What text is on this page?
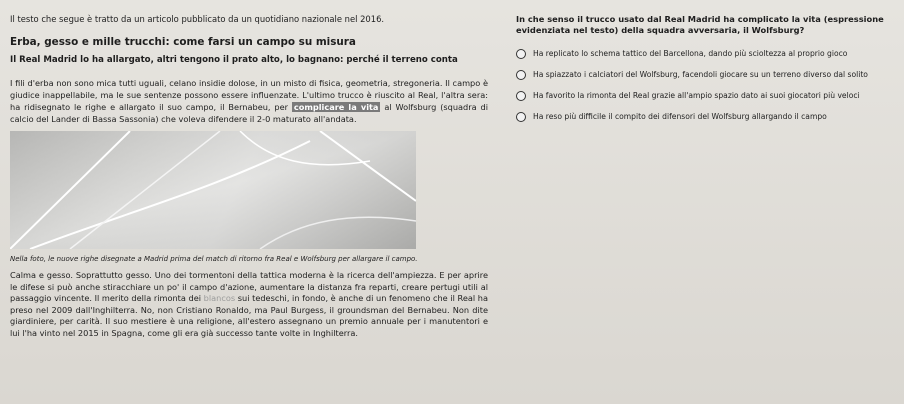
Il testo che segue è tratto da un articolo pubblicato da un quotidiano nazionale nel 2016.

Erba, gesso e mille trucchi: come farsi un campo su misura

Il Real Madrid lo ha allargato, altri tengono il prato alto, lo bagnano: perché il terreno conta

I fili d'erba non sono mica tutti uguali, celano insidie dolose, in un misto di fisica, geometria, stregoneria. Il campo è giudice inappellabile, ma le sue sentenze possono essere influenzate. L'ultimo trucco è riuscito al Real, l'altra sera: ha ridisegnato le righe e allargato il suo campo, il Bernabeu, per complicare la vita al Wolfsburg (squadra di calcio del Lander di Bassa Sassonia) che voleva difendere il 2-0 maturato all'andata.

Nella foto, le nuove righe disegnate a Madrid prima del match di ritorno fra Real e Wolfsburg per allargare il campo.

Calma e gesso. Soprattutto gesso. Uno dei tormentoni della tattica moderna è la ricerca dell'ampiezza. E per aprire le difese si può anche stiracchiare un po' il campo d'azione, aumentare la distanza fra reparti, creare pertugi utili al passaggio vincente. Il merito della rimonta dei blancos sui tedeschi, in fondo, è anche di un fenomeno che il Real ha preso nel 2009 dall'Inghilterra. No, non Cristiano Ronaldo, ma Paul Burgess, il groundsman del Bernabeu. Non dite giardiniere, per carità. Il suo mestiere è una religione, all'estero assegnano un premio annuale per i manutentori e lui l'ha vinto nel 2015 in Spagna, come gli era già successo tante volte in Inghilterra.

In che senso il trucco usato dal Real Madrid ha complicato la vita (espressione evidenziata nel testo) della squadra avversaria, il Wolfsburg?

Ha replicato lo schema tattico del Barcellona, dando più scioltezza al proprio gioco
Ha spiazzato i calciatori del Wolfsburg, facendoli giocare su un terreno diverso dal solito
Ha favorito la rimonta del Real grazie all'ampio spazio dato ai suoi giocatori più veloci
Ha reso più difficile il compito dei difensori del Wolfsburg allargando il campo
